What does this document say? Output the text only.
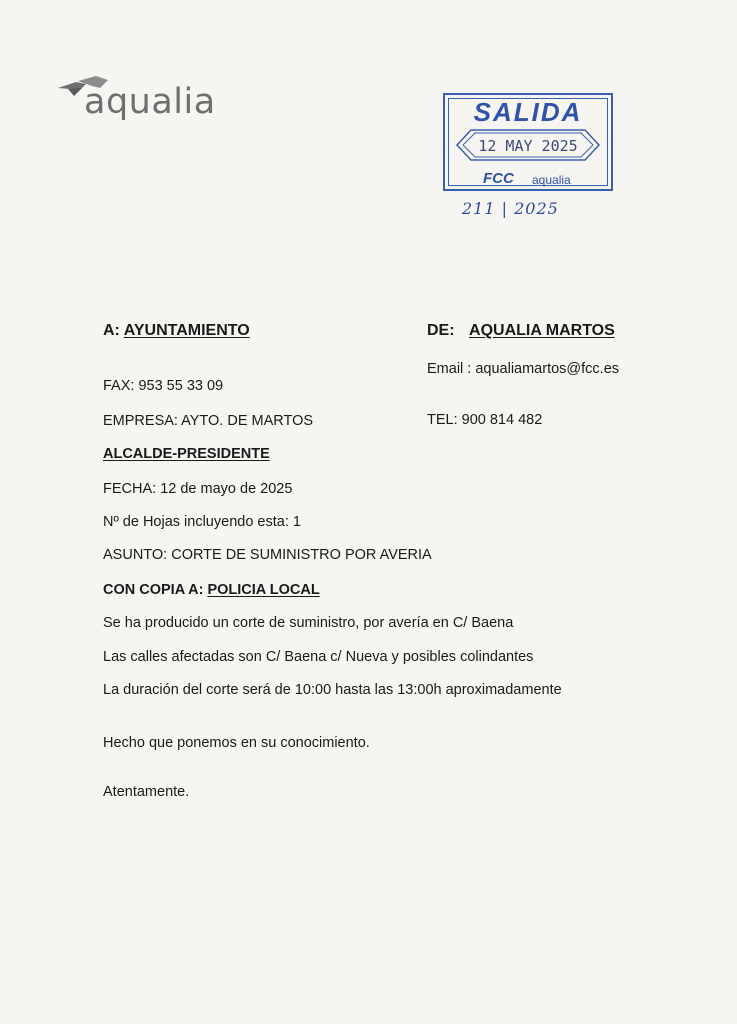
aqualia	SALIDA
12 MAY 2025
FCC aqualia
211 | 2025
A: AYUNTAMIENTO	DE: AQUALIA MARTOS
Email : aqualiamartos@fcc.es
FAX: 953 55 33 09
EMPRESA: AYTO. DE MARTOS	TEL: 900 814 482
ALCALDE-PRESIDENTE
FECHA: 12 de mayo de 2025
Nº de Hojas incluyendo esta: 1
ASUNTO: CORTE DE SUMINISTRO POR AVERIA
CON COPIA A: POLICIA LOCAL
Se ha producido un corte de suministro, por avería en C/ Baena
Las calles afectadas son C/ Baena c/ Nueva y posibles colindantes
La duración del corte será de 10:00 hasta las 13:00h aproximadamente
Hecho que ponemos en su conocimiento.
Atentamente.
